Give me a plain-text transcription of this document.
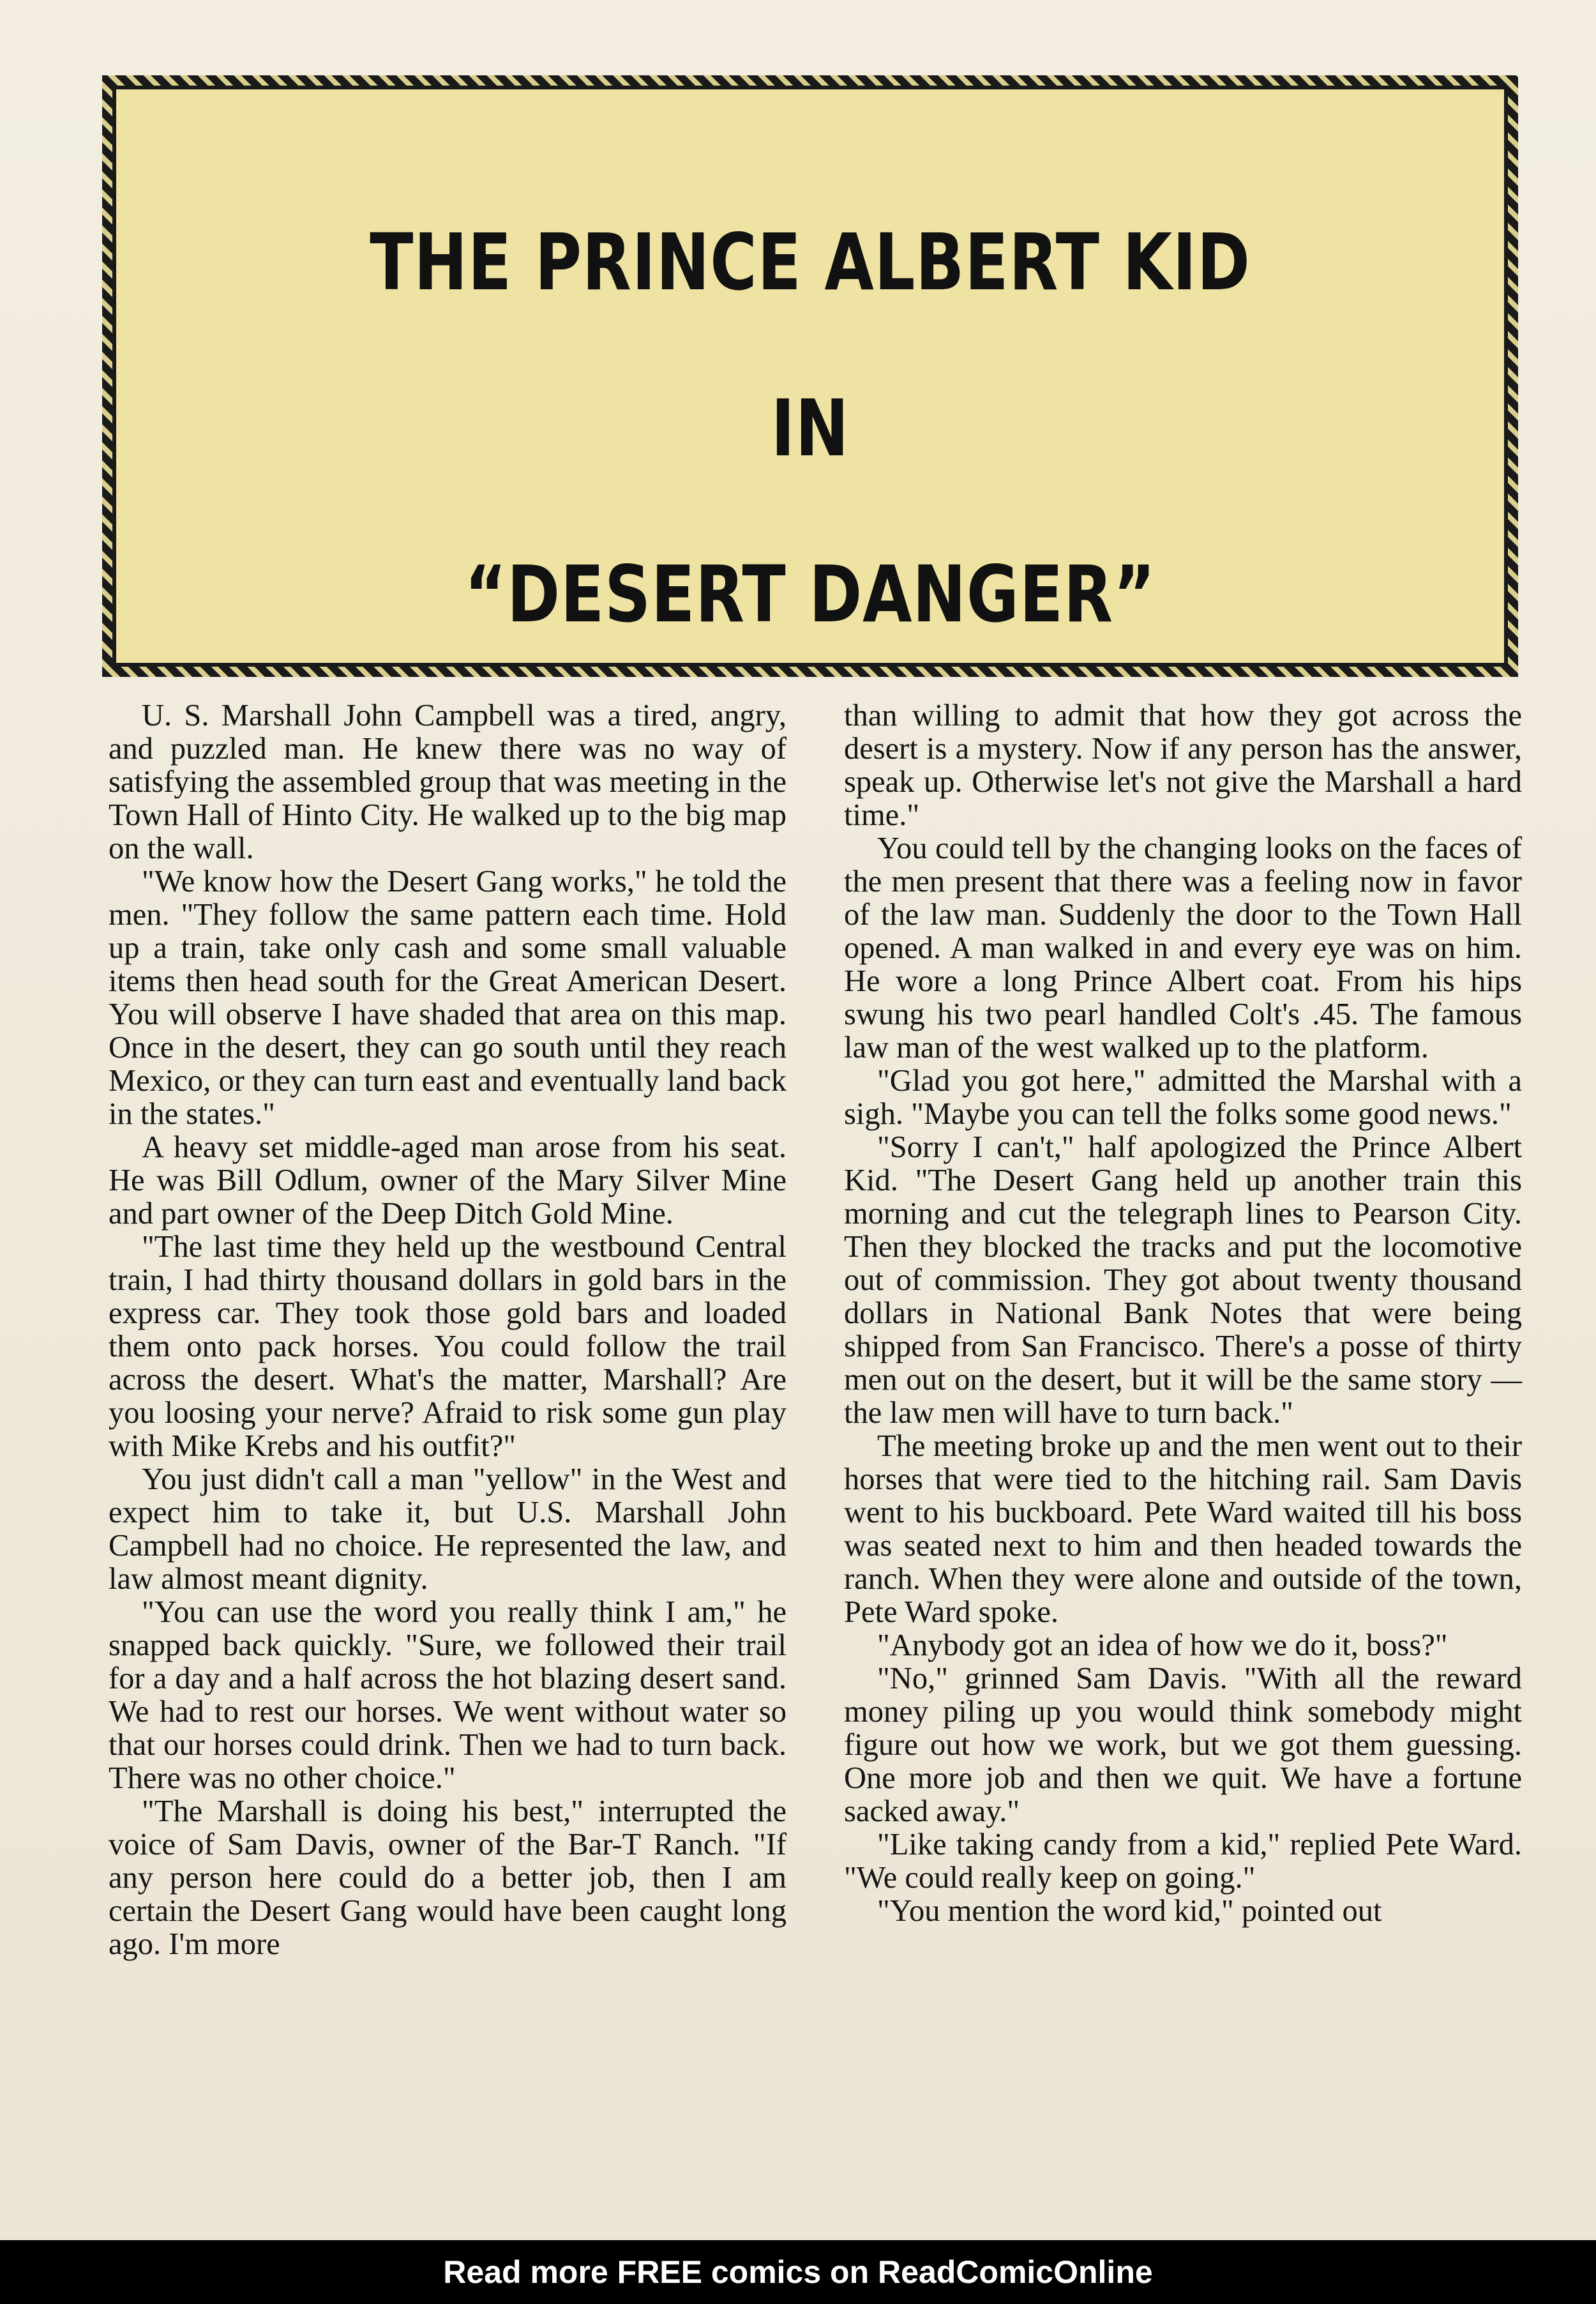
THE PRINCE ALBERT KID
IN
“DESERT DANGER”

U. S. Marshall John Campbell was a tired, angry, and puzzled man. He knew there was no way of satisfying the assembled group that was meeting in the Town Hall of Hinto City. He walked up to the big map on the wall.

"We know how the Desert Gang works," he told the men. "They follow the same pattern each time. Hold up a train, take only cash and some small valuable items then head south for the Great American Desert. You will observe I have shaded that area on this map. Once in the desert, they can go south until they reach Mexico, or they can turn east and eventually land back in the states."

A heavy set middle-aged man arose from his seat. He was Bill Odlum, owner of the Mary Silver Mine and part owner of the Deep Ditch Gold Mine.

"The last time they held up the westbound Central train, I had thirty thousand dollars in gold bars in the express car. They took those gold bars and loaded them onto pack horses. You could follow the trail across the desert. What's the matter, Marshall? Are you loosing your nerve? Afraid to risk some gun play with Mike Krebs and his outfit?"

You just didn't call a man "yellow" in the West and expect him to take it, but U.S. Marshall John Campbell had no choice. He represented the law, and law almost meant dignity.

"You can use the word you really think I am," he snapped back quickly. "Sure, we followed their trail for a day and a half across the hot blazing desert sand. We had to rest our horses. We went without water so that our horses could drink. Then we had to turn back. There was no other choice."

"The Marshall is doing his best," interrupted the voice of Sam Davis, owner of the Bar-T Ranch. "If any person here could do a better job, then I am certain the Desert Gang would have been caught long ago. I'm more

than willing to admit that how they got across the desert is a mystery. Now if any person has the answer, speak up. Otherwise let's not give the Marshall a hard time."

You could tell by the changing looks on the faces of the men present that there was a feeling now in favor of the law man. Suddenly the door to the Town Hall opened. A man walked in and every eye was on him. He wore a long Prince Albert coat. From his hips swung his two pearl handled Colt's .45. The famous law man of the west walked up to the platform.

"Glad you got here," admitted the Marshal with a sigh. "Maybe you can tell the folks some good news."

"Sorry I can't," half apologized the Prince Albert Kid. "The Desert Gang held up another train this morning and cut the telegraph lines to Pearson City. Then they blocked the tracks and put the locomotive out of commission. They got about twenty thousand dollars in National Bank Notes that were being shipped from San Francisco. There's a posse of thirty men out on the desert, but it will be the same story — the law men will have to turn back."

The meeting broke up and the men went out to their horses that were tied to the hitching rail. Sam Davis went to his buckboard. Pete Ward waited till his boss was seated next to him and then headed towards the ranch. When they were alone and outside of the town, Pete Ward spoke.

"Anybody got an idea of how we do it, boss?"

"No," grinned Sam Davis. "With all the reward money piling up you would think somebody might figure out how we work, but we got them guessing. One more job and then we quit. We have a fortune sacked away."

"Like taking candy from a kid," replied Pete Ward. "We could really keep on going."

"You mention the word kid," pointed out

Read more FREE comics on ReadComicOnline
